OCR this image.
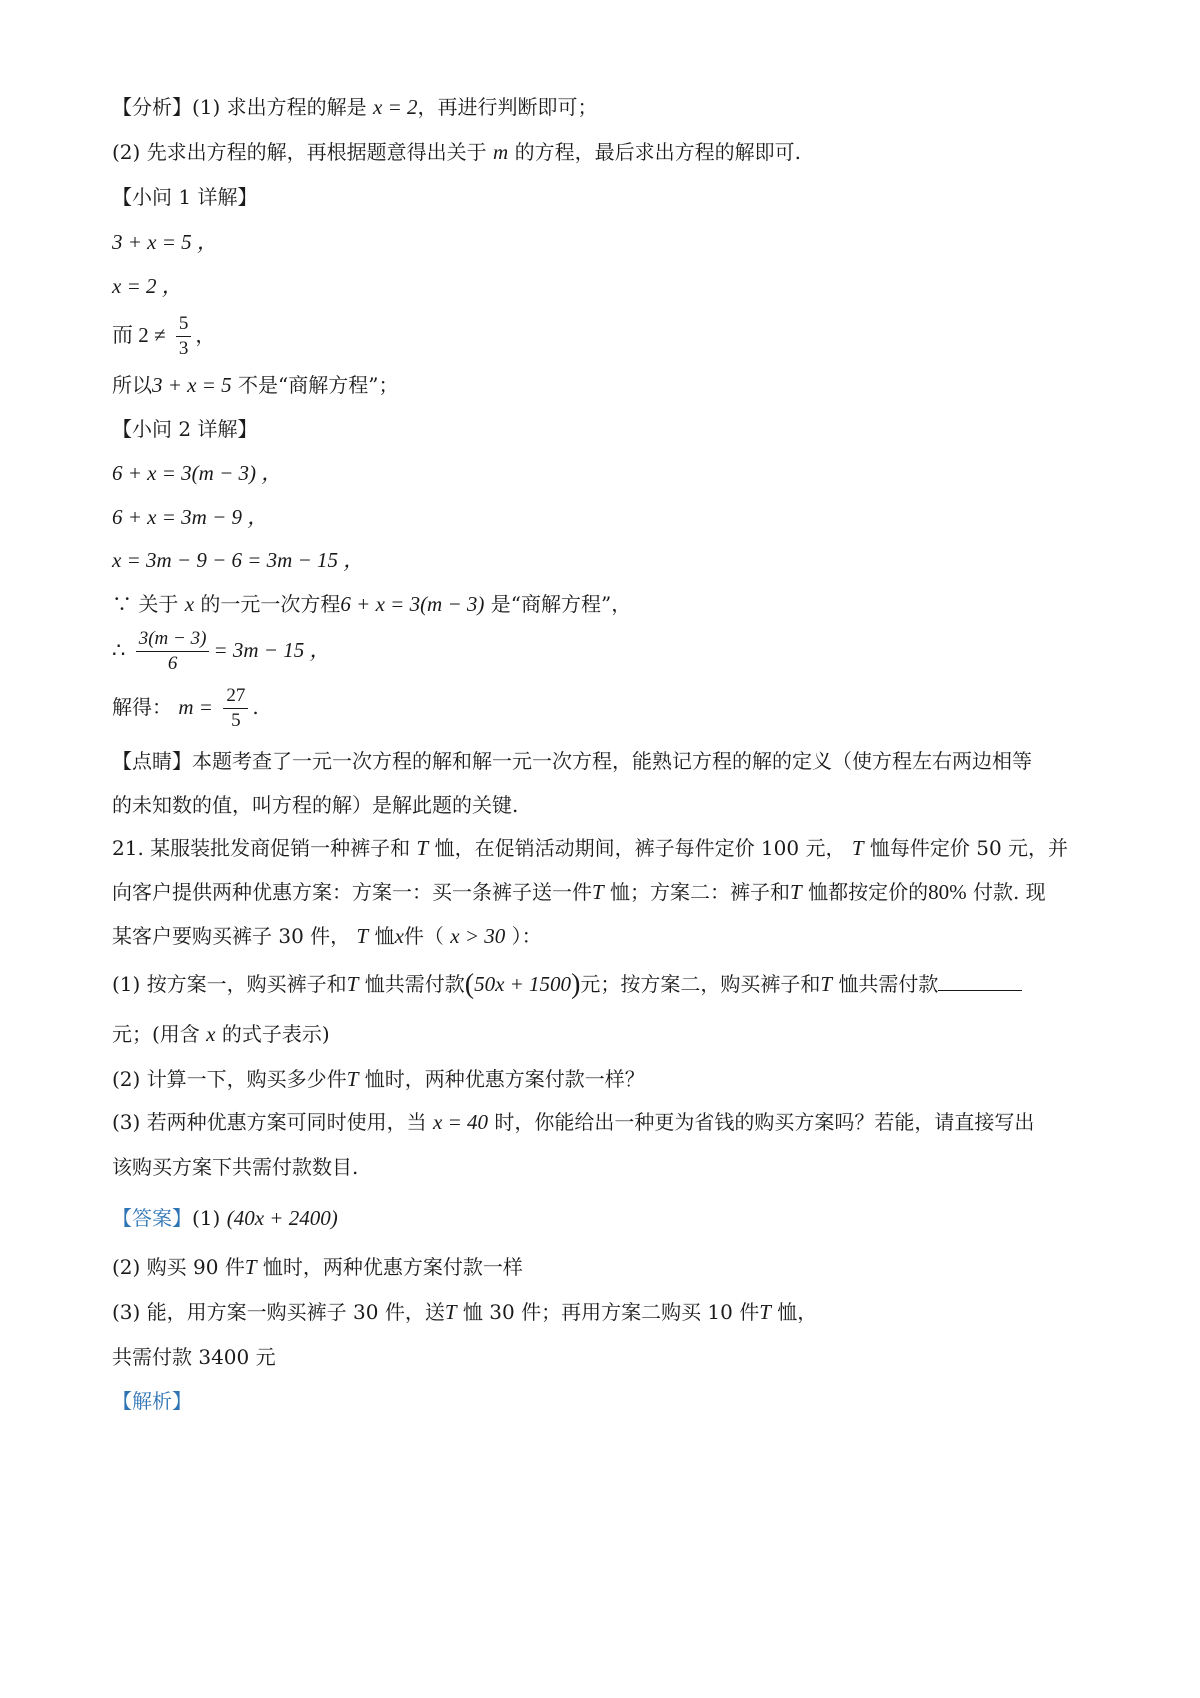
【分析】(1) 求出方程的解是 x = 2，再进行判断即可；
(2) 先求出方程的解，再根据题意得出关于 m 的方程，最后求出方程的解即可.
【小问 1 详解】
3 + x = 5 ，
x = 2 ，
而 $2 \ne \frac{5}{3}$ ，
所以3 + x = 5 不是“商解方程”；
【小问 2 详解】
6 + x = 3(m − 3) ，
6 + x = 3m − 9 ，
x = 3m − 9 − 6 = 3m − 15 ，
∵ 关于 x 的一元一次方程6 + x = 3(m − 3) 是“商解方程”，
∴ $\frac{3(m - 3)}{6} = 3m - 15$ ，
解得： $m = \frac{27}{5}$ .
【点睛】本题考查了一元一次方程的解和解一元一次方程，能熟记方程的解的定义（使方程左右两边相等
的未知数的值，叫方程的解）是解此题的关键.
21. 某服装批发商促销一种裤子和 T 恤，在促销活动期间，裤子每件定价 100 元， T 恤每件定价 50 元，并
向客户提供两种优惠方案：方案一：买一条裤子送一件T 恤；方案二：裤子和T 恤都按定价的80% 付款. 现
某客户要购买裤子 30 件， T 恤x件（ x > 30 ）：
(1) 按方案一，购买裤子和T 恤共需付款(50x + 1500)元；按方案二，购买裤子和T 恤共需付款
元；(用含 x 的式子表示)
(2) 计算一下，购买多少件T 恤时，两种优惠方案付款一样？
(3) 若两种优惠方案可同时使用，当 x = 40 时，你能给出一种更为省钱的购买方案吗？若能，请直接写出
该购买方案下共需付款数目.
【答案】(1) (40x + 2400)
(2) 购买 90 件T 恤时，两种优惠方案付款一样
(3) 能，用方案一购买裤子 30 件，送T 恤 30 件；再用方案二购买 10 件T 恤，
共需付款 3400 元
【解析】
